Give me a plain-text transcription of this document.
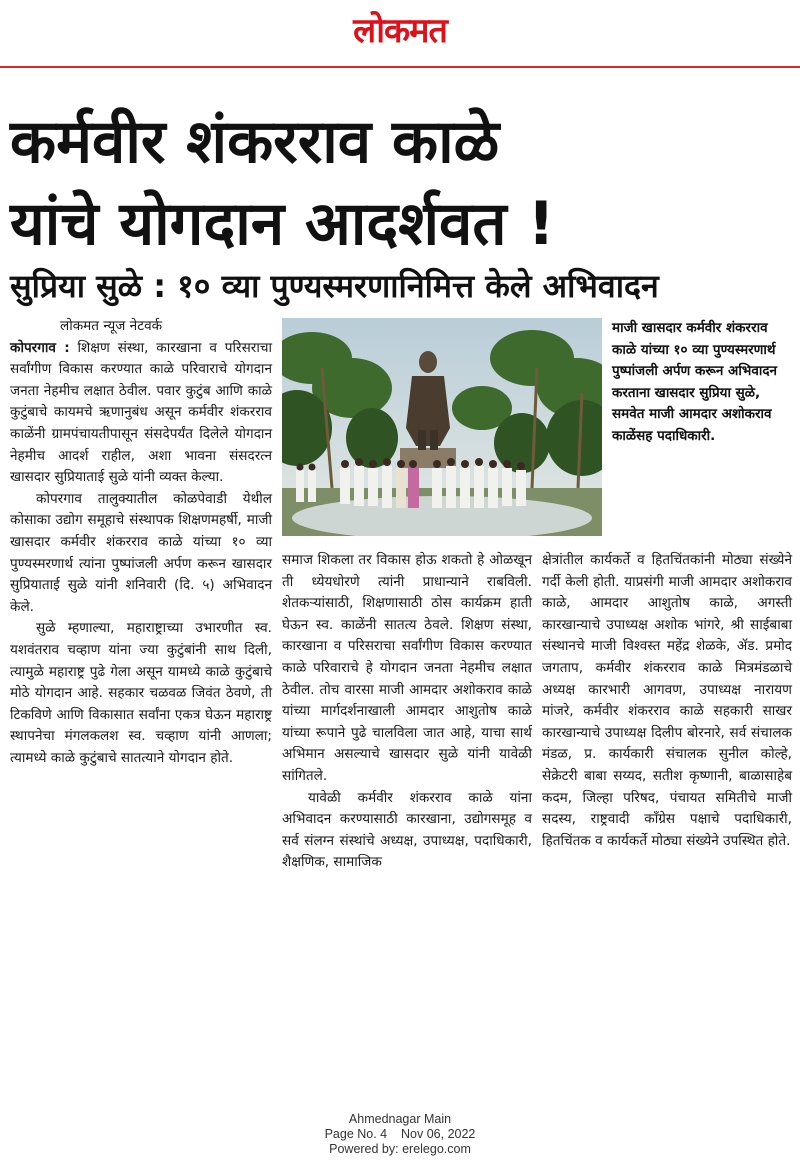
लोकमत
कर्मवीर शंकरराव काळे
यांचे योगदान आदर्शवत !
सुप्रिया सुळे : १० व्या पुण्यस्मरणानिमित्त केले अभिवादन
लोकमत न्यूज नेटवर्क

कोपरगाव : शिक्षण संस्था, कारखाना व परिसराचा सर्वांगीण विकास करण्यात काळे परिवाराचे योगदान जनता नेहमीच लक्षात ठेवील. पवार कुटुंब आणि काळे कुटुंबाचे कायमचे ऋणानुबंध असून कर्मवीर शंकरराव काळेंनी ग्रामपंचायतीपासून संसदेपर्यंत दिलेले योगदान नेहमीच आदर्श राहील, अशा भावना संसदरत्न खासदार सुप्रियाताई सुळे यांनी व्यक्त केल्या.

कोपरगाव तालुक्यातील कोळपेवाडी येथील कोसाका उद्योग समूहाचे संस्थापक शिक्षणमहर्षी, माजी खासदार कर्मवीर शंकरराव काळे यांच्या १० व्या पुण्यस्मरणार्थ त्यांना पुष्पांजली अर्पण करून खासदार सुप्रियाताई सुळे यांनी शनिवारी (दि. ५) अभिवादन केले.

सुळे म्हणाल्या, महाराष्ट्राच्या उभारणीत स्व. यशवंतराव चव्हाण यांना ज्या कुटुंबांनी साथ दिली, त्यामुळे महाराष्ट्र पुढे गेला असून यामध्ये काळे कुटुंबाचे मोठे योगदान आहे. सहकार चळवळ जिवंत ठेवणे, ती टिकविणे आणि विकासात सर्वांना एकत्र घेऊन महाराष्ट्र स्थापनेचा मंगलकलश स्व. चव्हाण यांनी आणला; त्यामध्ये काळे कुटुंबाचे सातत्याने योगदान होते.

माजी खासदार कर्मवीर शंकरराव काळे यांच्या १० व्या पुण्यस्मरणार्थ पुष्पांजली अर्पण करून अभिवादन करताना खासदार सुप्रिया सुळे, समवेत माजी आमदार अशोकराव काळेंसह पदाधिकारी.

समाज शिकला तर विकास होऊ शकतो हे ओळखून ती ध्येयधोरणे त्यांनी प्राधान्याने राबविली. शेतकऱ्यांसाठी, शिक्षणासाठी ठोस कार्यक्रम हाती घेऊन स्व. काळेंनी सातत्य ठेवले. शिक्षण संस्था, कारखाना व परिसराचा सर्वांगीण विकास करण्यात काळे परिवाराचे हे योगदान जनता नेहमीच लक्षात ठेवील. तोच वारसा माजी आमदार अशोकराव काळे यांच्या मार्गदर्शनाखाली आमदार आशुतोष काळे यांच्या रूपाने पुढे चालविला जात आहे, याचा सार्थ अभिमान असल्याचे खासदार सुळे यांनी यावेळी सांगितले.

यावेळी कर्मवीर शंकरराव काळे यांना अभिवादन करण्यासाठी कारखाना, उद्योगसमूह व सर्व संलग्न संस्थांचे अध्यक्ष, उपाध्यक्ष, पदाधिकारी, शैक्षणिक, सामाजिक

क्षेत्रांतील कार्यकर्ते व हितचिंतकांनी मोठ्या संख्येने गर्दी केली होती. याप्रसंगी माजी आमदार अशोकराव काळे, आमदार आशुतोष काळे, अगस्ती कारखान्याचे उपाध्यक्ष अशोक भांगरे, श्री साईबाबा संस्थानचे माजी विश्वस्त महेंद्र शेळके, ॲड. प्रमोद जगताप, कर्मवीर शंकरराव काळे मित्रमंडळाचे अध्यक्ष कारभारी आगवण, उपाध्यक्ष नारायण मांजरे, कर्मवीर शंकरराव काळे सहकारी साखर कारखान्याचे उपाध्यक्ष दिलीप बोरनारे, सर्व संचालक मंडळ, प्र. कार्यकारी संचालक सुनील कोल्हे, सेक्रेटरी बाबा सय्यद, सतीश कृष्णानी, बाळासाहेब कदम, जिल्हा परिषद, पंचायत समितीचे माजी सदस्य, राष्ट्रवादी काँग्रेस पक्षाचे पदाधिकारी, हितचिंतक व कार्यकर्ते मोठ्या संख्येने उपस्थित होते.

Ahmednagar Main
Page No. 4    Nov 06, 2022
Powered by: erelego.com
